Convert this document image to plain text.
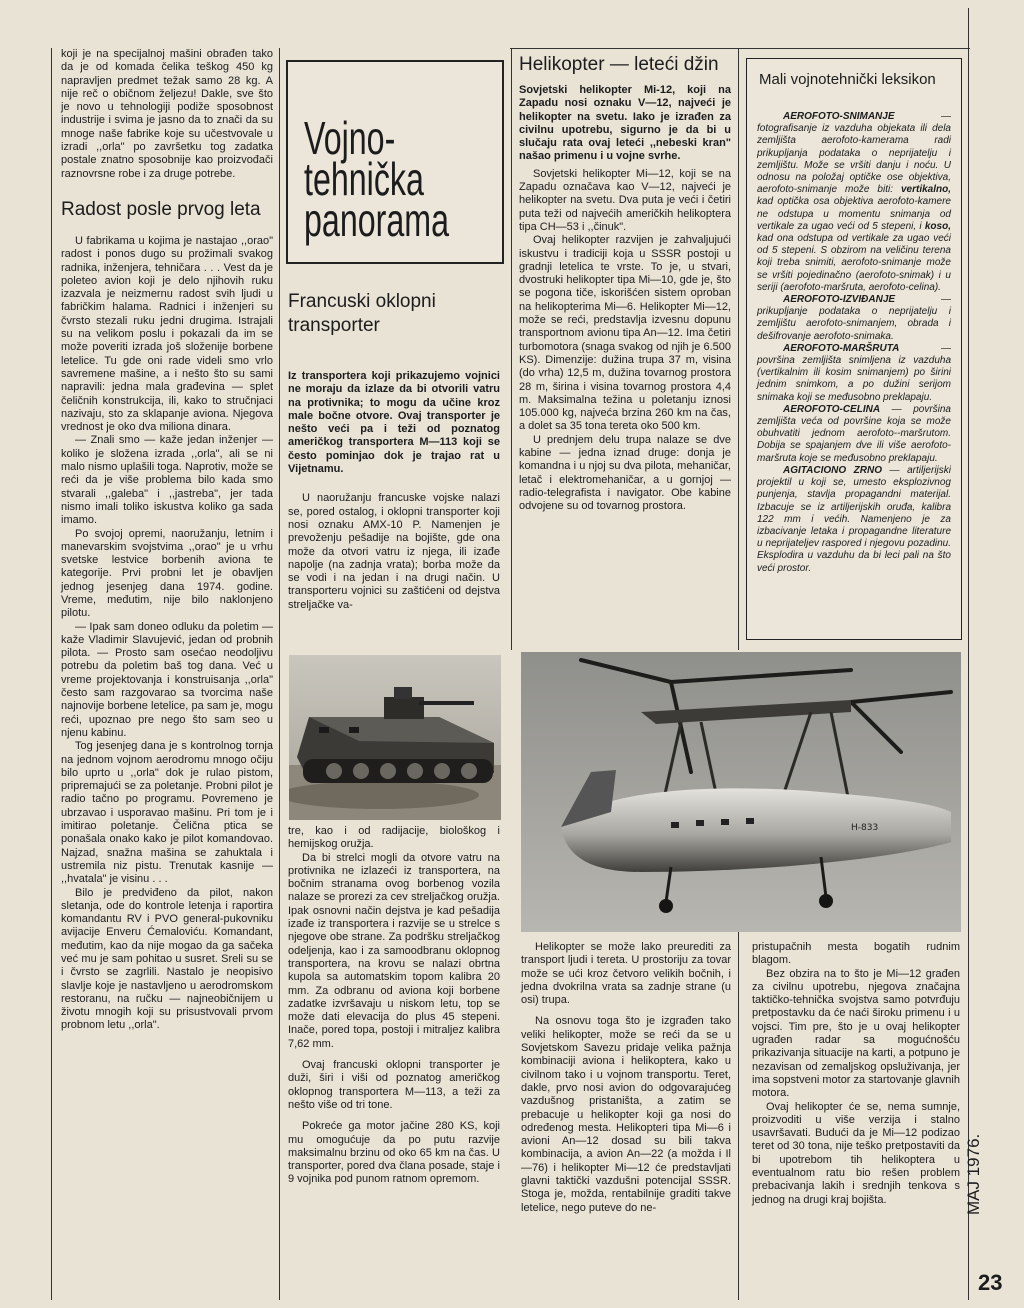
koji je na specijalnoj mašini obrađen tako da je od komada čelika teškog 450 kg napravljen predmet težak samo 28 kg. A nije reč o običnom željezu! Dakle, sve što je novo u tehnologiji podiže sposobnost industrije i svima je jasno da to znači da su mnoge naše fabrike koje su učestvovale u izradi ,,orla" po završetku tog zadatka postale znatno sposobnije kao proizvođači raznovrsne robe i za druge potrebe.

Radost posle prvog leta

U fabrikama u kojima je nastajao ,,orao" radost i ponos dugo su prožimali svakog radnika, inženjera, tehničara . . . Vest da je poleteo avion koji je delo njihovih ruku izazvala je neizmernu radost svih ljudi u fabričkim halama. Radnici i inženjeri su čvrsto stezali ruku jedni drugima. Istrajali su na velikom poslu i pokazali da im se može poveriti izrada još složenije borbene letelice. Tu gde oni rade videli smo vrlo savremene mašine, a i nešto što su sami napravili: jedna mala građevina — splet čeličnih konstrukcija, ili, kako to stručnjaci nazivaju, sto za sklapanje aviona. Njegova vrednost je oko dva miliona dinara.

— Znali smo — kaže jedan inženjer — koliko je složena izrada ,,orla", ali se ni malo nismo uplašili toga. Naprotiv, može se reći da je više problema bilo kada smo stvarali ,,galeba" i ,,jastreba", jer tada nismo imali toliko iskustva koliko ga sada imamo.

Po svojoj opremi, naoružanju, letnim i manevarskim svojstvima ,,orao" je u vrhu svetske lestvice borbenih aviona te kategorije. Prvi probni let je obavljen jednog jesenjeg dana 1974. godine. Vreme, međutim, nije bilo naklonjeno pilotu.

— Ipak sam doneo odluku da poletim — kaže Vladimir Slavujević, jedan od probnih pilota. — Prosto sam osećao neodoljivu potrebu da poletim baš tog dana. Već u vreme projektovanja i konstruisanja ,,orla" često sam razgovarao sa tvorcima naše najnovije borbene letelice, pa sam je, mogu reći, upoznao pre nego što sam seo u njenu kabinu.

Tog jesenjeg dana je s kontrolnog tornja na jednom vojnom aerodromu mnogo očiju bilo uprto u ,,orla" dok je rulao pistom, pripremajući se za poletanje. Probni pilot je radio tačno po programu. Povremeno je ubrzavao i usporavao mašinu. Pri tom je i imitirao poletanje. Čelična ptica se ponašala onako kako je pilot komandovao. Najzad, snažna mašina se zahuktala i ustremila niz pistu. Trenutak kasnije — ,,hvatala" je visinu . . .

Bilo je predviđeno da pilot, nakon sletanja, ode do kontrole letenja i raportira komandantu RV i PVO general-pukovniku avijacije Enveru Ćemaloviću. Komandant, međutim, kao da nije mogao da ga sačeka već mu je sam pohitao u susret. Sreli su se i čvrsto se zagrlili. Nastalo je neopisivo slavlje koje je nastavljeno u aerodromskom restoranu, na ručku — najneobičnijem u životu mnogih koji su prisustvovali prvom probnom letu ,,orla".

Vojno-
tehnička
panorama
Francuski oklopni transporter

Iz transportera koji prikazujemo vojnici ne moraju da izlaze da bi otvorili vatru na protivnika; to mogu da učine kroz male bočne otvore. Ovaj transporter je nešto veći pa i teži od poznatog američkog transportera M—113 koji se često pominjao dok je trajao rat u Vijetnamu.

U naoružanju francuske vojske nalazi se, pored ostalog, i oklopni transporter koji nosi oznaku AMX-10 P. Namenjen je prevoženju pešadije na bojište, gde ona može da otvori vatru iz njega, ili izađe napolje (na zadnja vrata); borba može da se vodi i na jedan i na drugi način. U transporteru vojnici su zaštićeni od dejstva streljačke va-

tre, kao i od radijacije, biološkog i hemijskog oružja.

Da bi strelci mogli da otvore vatru na protivnika ne izlazeći iz transportera, na bočnim stranama ovog borbenog vozila nalaze se prorezi za cev streljačkog oružja. Ipak osnovni način dejstva je kad pešadija izađe iz transportera i razvije se u strelce s njegove obe strane. Za podršku streljačkog odeljenja, kao i za samoodbranu oklopnog transportera, na krovu se nalazi obrtna kupola sa automatskim topom kalibra 20 mm. Za odbranu od aviona koji borbene zadatke izvršavaju u niskom letu, top se može dati elevacija do plus 45 stepeni. Inače, pored topa, postoji i mitraljez kalibra 7,62 mm.

Ovaj francuski oklopni transporter je duži, širi i viši od poznatog američkog oklopnog transportera M—113, a teži za nešto više od tri tone.

Pokreće ga motor jačine 280 KS, koji mu omogućuje da po putu razvije maksimalnu brzinu od oko 65 km na čas. U transporter, pored dva člana posade, staje i 9 vojnika pod punom ratnom opremom.

Helikopter — leteći džin

Sovjetski helikopter Mi-12, koji na Zapadu nosi oznaku V—12, najveći je helikopter na svetu. Iako je izrađen za civilnu upotrebu, sigurno je da bi u slučaju rata ovaj leteći ,,nebeski kran" našao primenu i u vojne svrhe.

Sovjetski helikopter Mi—12, koji se na Zapadu označava kao V—12, najveći je helikopter na svetu. Dva puta je veći i četiri puta teži od najvećih američkih helikoptera tipa CH—53 i ,,činuk".

Ovaj helikopter razvijen je zahvaljujući iskustvu i tradiciji koja u SSSR postoji u gradnji letelica te vrste. To je, u stvari, dvostruki helikopter tipa Mi—10, gde je, što se pogona tiče, iskorišćen sistem oproban na helikopterima Mi—6. Helikopter Mi—12, može se reći, predstavlja izvesnu dopunu transportnom avionu tipa An—12. Ima četiri turbomotora (snaga svakog od njih je 6.500 KS). Dimenzije: dužina trupa 37 m, visina (do vrha) 12,5 m, dužina tovarnog prostora 28 m, širina i visina tovarnog prostora 4,4 m. Maksimalna težina u poletanju iznosi 105.000 kg, najveća brzina 260 km na čas, a dolet sa 35 tona tereta oko 500 km.

U prednjem delu trupa nalaze se dve kabine — jedna iznad druge: donja je komandna i u njoj su dva pilota, mehaničar, letač i elektromehaničar, a u gornjoj — radio-telegrafista i navigator. Obe kabine odvojene su od tovarnog prostora.

Mali vojnotehnički leksikon

AEROFOTO-SNIMANJE — fotografisanje iz vazduha objekata ili dela zemljišta aerofoto-kamerama radi prikupljanja podataka o neprijatelju i zemljištu. Može se vršiti danju i noću. U odnosu na položaj optičke ose objektiva, aerofoto-snimanje može biti: vertikalno, kad optička osa objektiva aerofoto-kamere ne odstupa u momentu snimanja od vertikale za ugao veći od 5 stepeni, i koso, kad ona odstupa od vertikale za ugao veći od 5 stepeni. S obzirom na veličinu terena koji treba snimiti, aerofoto-snimanje može se vršiti pojedinačno (aerofoto-snimak) i u seriji (aerofoto-maršruta, aerofoto-celina).

AEROFOTO-IZVIĐANJE — prikupljanje podataka o neprijatelju i zemljištu aerofoto-snimanjem, obrada i dešifrovanje aerofoto-snimaka.

AEROFOTO-MARŠRUTA — površina zemljišta snimljena iz vazduha (vertikalnim ili kosim snimanjem) po širini jednim snimkom, a po dužini serijom snimaka koji se međusobno preklapaju.

AEROFOTO-CELINA — površina zemljišta veća od površine koja se može obuhvatiti jednom aerofoto--maršrutom. Dobija se spajanjem dve ili više aerofoto-maršruta koje se međusobno preklapaju.

AGITACIONO ZRNO — artiljerijski projektil u koji se, umesto eksplozivnog punjenja, stavlja propagandni materijal. Izbacuje se iz artiljerijskih oruđa, kalibra 122 mm i većih. Namenjeno je za izbacivanje letaka i propagandne literature u neprijateljev raspored i njegovu pozadinu. Eksplodira u vazduhu da bi leci pali na što veći prostor.

H-833

Helikopter se može lako preurediti za transport ljudi i tereta. U prostoriju za tovar može se ući kroz četvoro velikih bočnih, i jedna dvokrilna vrata sa zadnje strane (u osi) trupa.

Na osnovu toga što je izgrađen tako veliki helikopter, može se reći da se u Sovjetskom Savezu pridaje velika pažnja kombinaciji aviona i helikoptera, kako u civilnom tako i u vojnom transportu. Teret, dakle, prvo nosi avion do odgovarajućeg vazdušnog pristaništa, a zatim se prebacuje u helikopter koji ga nosi do određenog mesta. Helikopteri tipa Mi—6 i avioni An—12 dosad su bili takva kombinacija, a avion An—22 (a možda i Il—76) i helikopter Mi—12 će predstavljati glavni taktički vazdušni potencijal SSSR. Stoga je, možda, rentabilnije graditi takve letelice, nego puteve do ne-

pristupačnih mesta bogatih rudnim blagom.

Bez obzira na to što je Mi—12 građen za civilnu upotrebu, njegova značajna taktičko-tehnička svojstva samo potvrđuju pretpostavku da će naći široku primenu i u vojsci. Tim pre, što je u ovaj helikopter ugrađen radar sa mogućnošću prikazivanja situacije na karti, a potpuno je nezavisan od zemaljskog opsluživanja, jer ima sopstveni motor za startovanje glavnih motora.

Ovaj helikopter će se, nema sumnje, proizvoditi u više verzija i stalno usavršavati. Budući da je Mi—12 podizao teret od 30 tona, nije teško pretpostaviti da bi upotrebom tih helikoptera u eventualnom ratu bio rešen problem prebacivanja lakih i srednjih tenkova s jednog na drugi kraj bojišta.	MAJ 1976.
23
